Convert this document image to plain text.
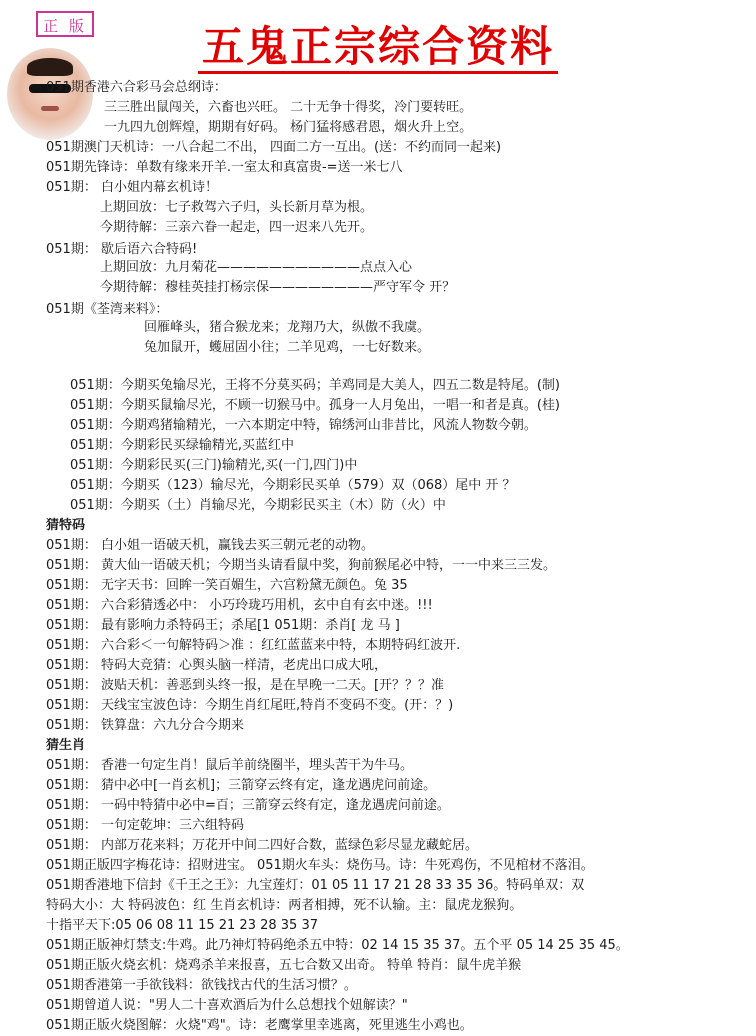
正 版	五鬼正宗综合资料
051期香港六合彩马会总纲诗：
三三胜出鼠闯关，六畜也兴旺。 二十无争十得奖，冷门要转旺。
一九四九创辉煌，期期有好码。 杨门猛将感君恩，烟火升上空。
051期澳门天机诗：一八合起二不出， 四面二方一互出。(送：不约而同一起来)
051期先锋诗：单数有缘来开羊.一室太和真富贵-=送一米七八
051期： 白小姐内幕玄机诗！
上期回放：七子救驾六子归，头长新月草为根。
今期待解：三亲六眷一起走，四一迟来八先开。
051期： 歇后语六合特码!
上期回放：九月菊花———————————点点入心
今期待解：穆桂英挂打杨宗保————————严守军令 开？
051期《荃湾来料》：
回雁峰头，猪合猴龙来；龙翔乃大，纵傲不我虞。
兔加鼠开，蠖屈固小往；二羊见鸡，一七好数来。
051期：今期买兔输尽光，王将不分莫买码；羊鸡同是大美人，四五二数是特尾。(制)
051期：今期买鼠输尽光，不顾一切猴马中。孤身一人月兔出，一唱一和者是真。(桂)
051期：今期鸡猪输精光，一六本期定中特，锦绣河山非昔比，风流人物数今朝。
051期：今期彩民买绿输精光,买蓝红中
051期：今期彩民买(三门)输精光,买(一门,四门)中
051期：今期买（123）输尽光，今期彩民买单（579）双（068）尾中 开 ？
051期：今期买（土）肖输尽光，今期彩民买主（木）防（火）中
猜特码
051期： 白小姐一语破天机，赢钱去买三朝元老的动物。
051期： 黄大仙一语破天机；今期当头请看鼠中奖，狗前猴尾必中特，一一中来三三发。
051期： 无字天书：回眸一笑百媚生，六宫粉黛无颜色。兔 35
051期： 六合彩猜透必中： 小巧玲珑巧用机，玄中自有玄中迷。!!!
051期： 最有影响力杀特码王；杀尾[1 051期：杀肖[ 龙 马 ]
051期： 六合彩＜一句解特码＞准 ：红红蓝蓝来中特，本期特码红波开.
051期： 特码大竞猜：心舆头脑一样清，老虎出口成大吼，
051期： 波贴天机：善恶到头终一报，是在早晚一二天。[开？？？准
051期： 天线宝宝波色诗：今期生肖红尾旺,特肖不变码不变。(开：？)
051期： 铁算盘：六九分合今期来
猜生肖
051期： 香港一句定生肖！鼠后羊前绕圈半，埋头苦干为牛马。
051期： 猜中必中[一肖玄机]；三箭穿云终有定，逢龙遇虎问前途。
051期： 一码中特猜中必中=百；三箭穿云终有定，逢龙遇虎问前途。
051期： 一句定乾坤：三六组特码
051期： 内部万花来料；万花开中间二四好合数，蓝绿色彩尽显龙藏蛇居。
051期正版四字梅花诗：招财进宝。 051期火车头：烧伤马。诗：牛死鸡伤，不见棺材不落泪。
051期香港地下信封《千王之王》：九宝莲灯：01 05 11 17 21 28 33 35 36。特码单双：双
特码大小：大 特码波色：红 生肖玄机诗：两者相搏，死不认输。主：鼠虎龙猴狗。
十指平天下:05 06 08 11 15 21 23 28 35 37
051期正版神灯禁支:牛鸡。此乃神灯特码绝杀五中特：02 14 15 35 37。五个平 05 14 25 35 45。
051期正版火烧玄机：烧鸡杀羊来报喜，五七合数又出奇。 特单 特肖：鼠牛虎羊猴
051期香港第一手欲钱料：欲钱找古代的生活习惯？。
051期曾道人说："男人二十喜欢酒后为什么总想找个妞解读？"
051期正版火烧图解：火烧"鸡"。诗：老鹰掌里幸逃离，死里逃生小鸡也。
